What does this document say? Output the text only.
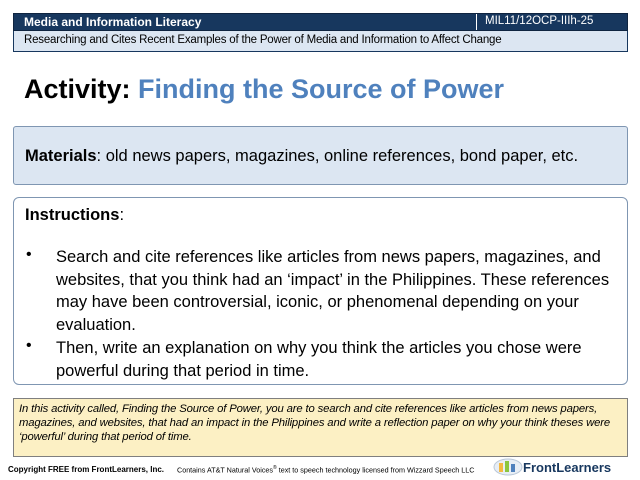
Media and Information Literacy	MIL11/12OCP-IIIh-25
Researching and Cites Recent Examples of the Power of Media and Information to Affect Change
Activity: Finding the Source of Power
Materials: old news papers, magazines, online references, bond paper, etc.
Instructions:
• Search and cite references like articles from news papers, magazines, and websites, that you think had an ‘impact’ in the Philippines. These references may have been controversial, iconic, or phenomenal depending on your evaluation.
• Then, write an explanation on why you think the articles you chose were powerful during that period in time.
In this activity called, Finding the Source of Power, you are to search and cite references like articles from news papers, magazines, and websites, that had an impact in the Philippines and write a reflection paper on why your think theses were ‘powerful’ during that period of time.
Copyright FREE from FrontLearners, Inc. Contains AT&T Natural Voices® text to speech technology licensed from Wizzard Speech LLC	FrontLearners
